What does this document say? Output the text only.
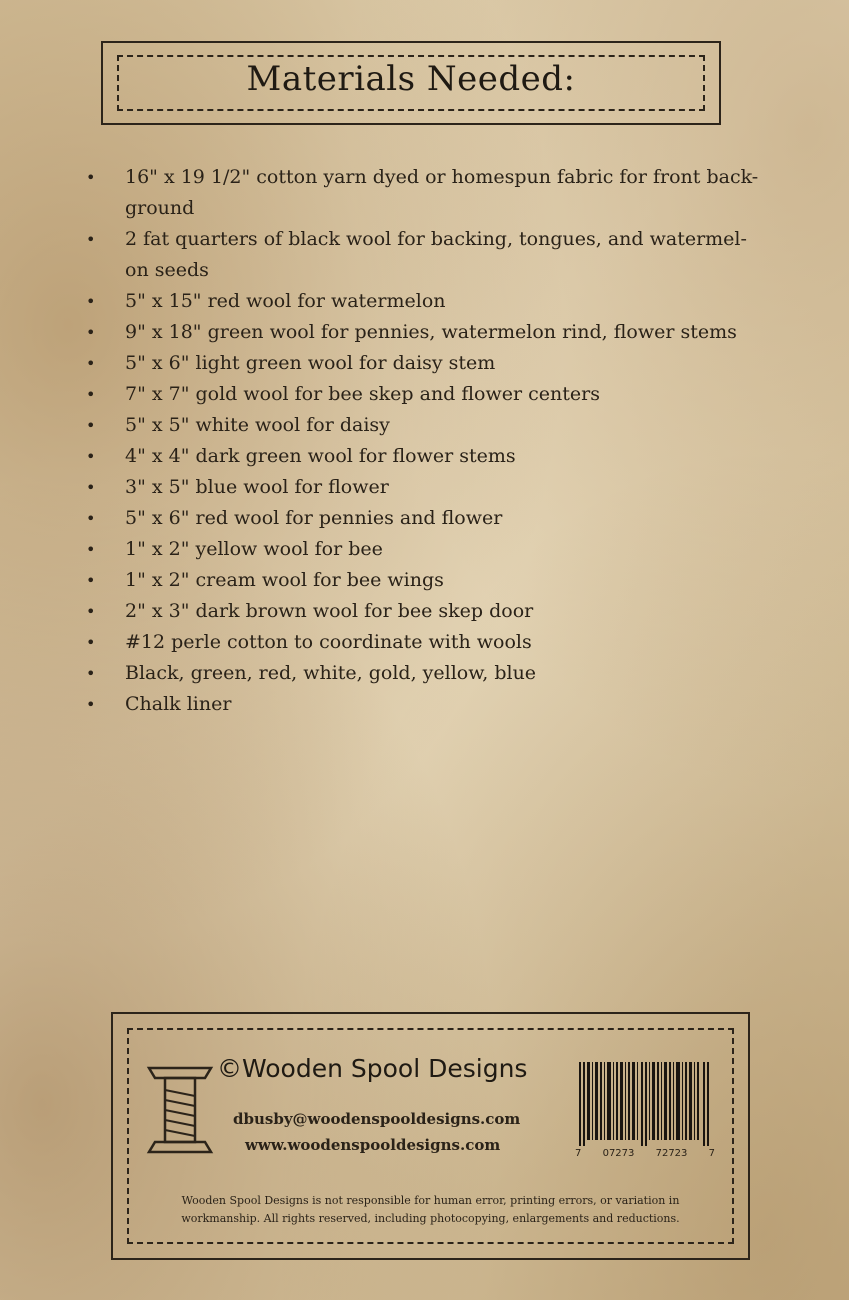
Materials Needed:
• 16" x 19 1/2" cotton yarn dyed or homespun fabric for front back-
ground
• 2 fat quarters of black wool for backing, tongues, and watermel-
on seeds
• 5" x 15" red wool for watermelon
• 9" x 18" green wool for pennies, watermelon rind, flower stems
• 5" x 6" light green wool for daisy stem
• 7" x 7" gold wool for bee skep and flower centers
• 5" x 5" white wool for daisy
• 4" x 4" dark green wool for flower stems
• 3" x 5" blue wool for flower
• 5" x 6" red wool for pennies and flower
• 1" x 2" yellow wool for bee
• 1" x 2" cream wool for bee wings
• 2" x 3" dark brown wool for bee skep door
• #12 perle cotton to coordinate with wools
• Black, green, red, white, gold, yellow, blue
• Chalk liner
©Wooden Spool Designs
dbusby@woodenspooldesigns.com
www.woodenspooldesigns.com	7 07273 72723 7
Wooden Spool Designs is not responsible for human error, printing errors, or variation in
workmanship. All rights reserved, including photocopying, enlargements and reductions.
